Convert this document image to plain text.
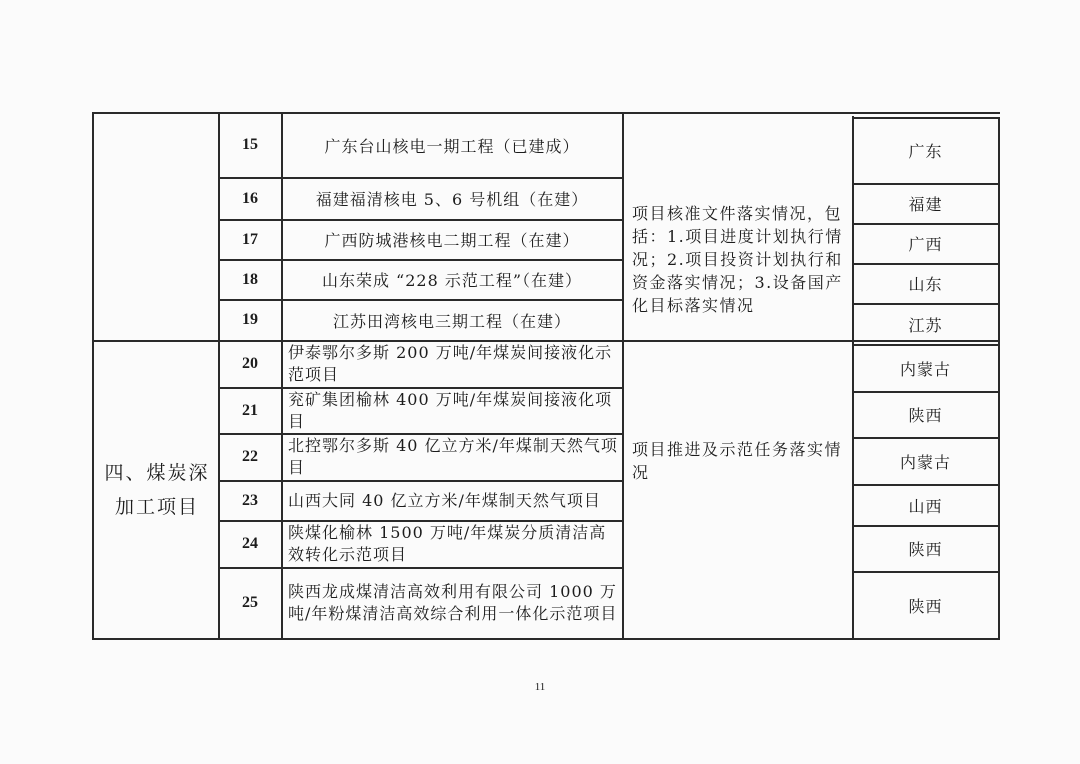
四、煤炭深加工项目
15
16
17
18
19
20
21
22
23
24
25
广东台山核电一期工程（已建成）
福建福清核电 5、6 号机组（在建）
广西防城港核电二期工程（在建）
山东荣成 “228 示范工程”（在建）
江苏田湾核电三期工程（在建）
伊泰鄂尔多斯 200 万吨/年煤炭间接液化示范项目
兖矿集团榆林 400 万吨/年煤炭间接液化项目
北控鄂尔多斯 40 亿立方米/年煤制天然气项目
山西大同 40 亿立方米/年煤制天然气项目
陕煤化榆林 1500 万吨/年煤炭分质清洁高效转化示范项目
陕西龙成煤清洁高效利用有限公司 1000 万吨/年粉煤清洁高效综合利用一体化示范项目
项目核准文件落实情况，包括：1.项目进度计划执行情况；2.项目投资计划执行和资金落实情况；3.设备国产化目标落实情况
项目推进及示范任务落实情况
广东
福建
广西
山东
江苏
内蒙古
陕西
内蒙古
山西
陕西
陕西
11
